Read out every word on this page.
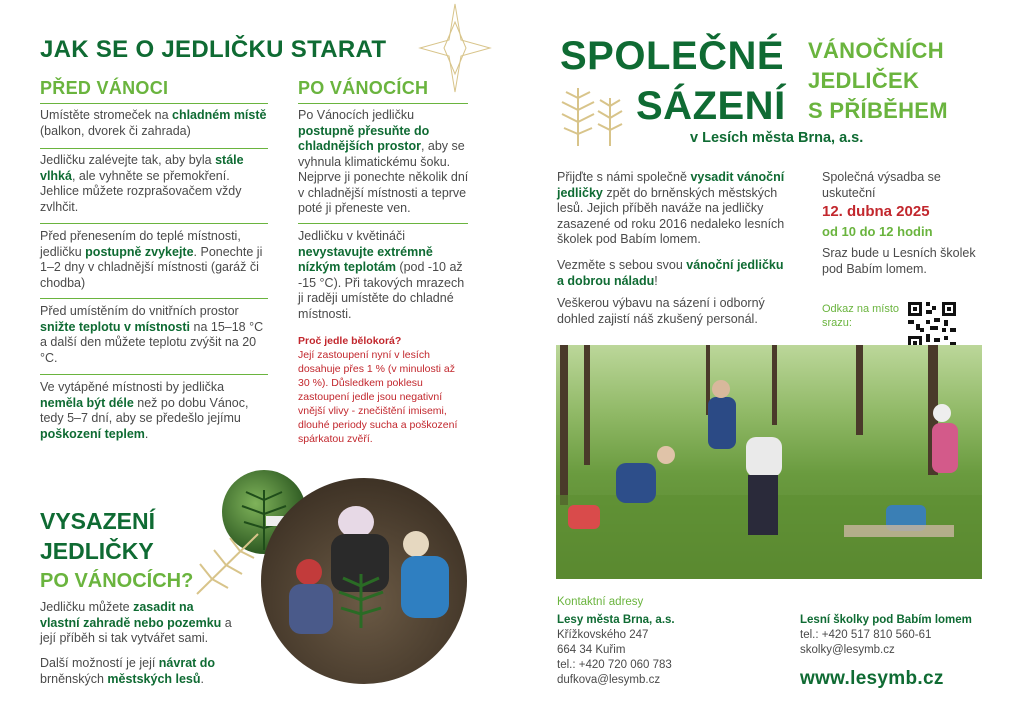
JAK SE O JEDLIČKU STARAT
PŘED VÁNOCI
Umístěte stromeček na chladném místě (balkon, dvorek či zahrada)
Jedličku zalévejte tak, aby byla stále vlhká, ale vyhněte se přemokření. Jehlice můžete rozprašovačem vždy zvlhčit.
Před přenesením do teplé místnosti, jedličku postupně zvykejte. Ponechte ji 1–2 dny v chladnější místnosti (garáž či chodba)
Před umístěním do vnitřních prostor snižte teplotu v místnosti na 15–18 °C a další den můžete teplotu zvýšit na 20 °C.
Ve vytápěné místnosti by jedlička neměla být déle než po dobu Vánoc, tedy 5–7 dní, aby se předešlo jejímu poškození teplem.
PO VÁNOCÍCH
Po Vánocích jedličku postupně přesuňte do chladnějších prostor, aby se vyhnula klimatickému šoku. Nejprve ji ponechte několik dní v chladnější místnosti a teprve poté ji přeneste ven.
Jedličku v květináči nevystavujte extrémně nízkým teplotám (pod -10 až -15 °C). Při takových mrazech ji raději umístěte do chladné místnosti.
Proč jedle bělokorá?
Její zastoupení nyní v lesích dosahuje přes 1 % (v minulosti až 30 %). Důsledkem poklesu zastoupení jedle jsou negativní vnější vlivy - znečištění imisemi, dlouhé periody sucha a poškození spárkatou zvěří.
VYSAZENÍ
JEDLIČKY
PO VÁNOCÍCH?
Jedličku můžete zasadit na vlastní zahradě nebo pozemku a její příběh si tak vytvářet sami.
Další možností je její návrat do brněnských městských lesů.
SPOLEČNÉ
SÁZENÍ
VÁNOČNÍCH
JEDLIČEK
S PŘÍBĚHEM
v Lesích města Brna, a.s.
Přijďte s námi společně vysadit vánoční jedličky zpět do brněnských městských lesů. Jejich příběh naváže na jedličky zasazené od roku 2016 nedaleko lesních školek pod Babím lomem.
Vezměte s sebou svou vánoční jedličku a dobrou náladu!
Veškerou výbavu na sázení i odborný dohled zajistí náš zkušený personál.
Společná výsadba se uskuteční
12. dubna 2025
od 10 do 12 hodin
Sraz bude u Lesních školek pod Babím lomem.
Odkaz na místo srazu:
Kontaktní adresy
Lesy města Brna, a.s.
Křížkovského 247
664 34 Kuřim
tel.: +420 720 060 783
dufkova@lesymb.cz
Lesní školky pod Babím lomem
tel.: +420 517 810 560-61
skolky@lesymb.cz
www.lesymb.cz
